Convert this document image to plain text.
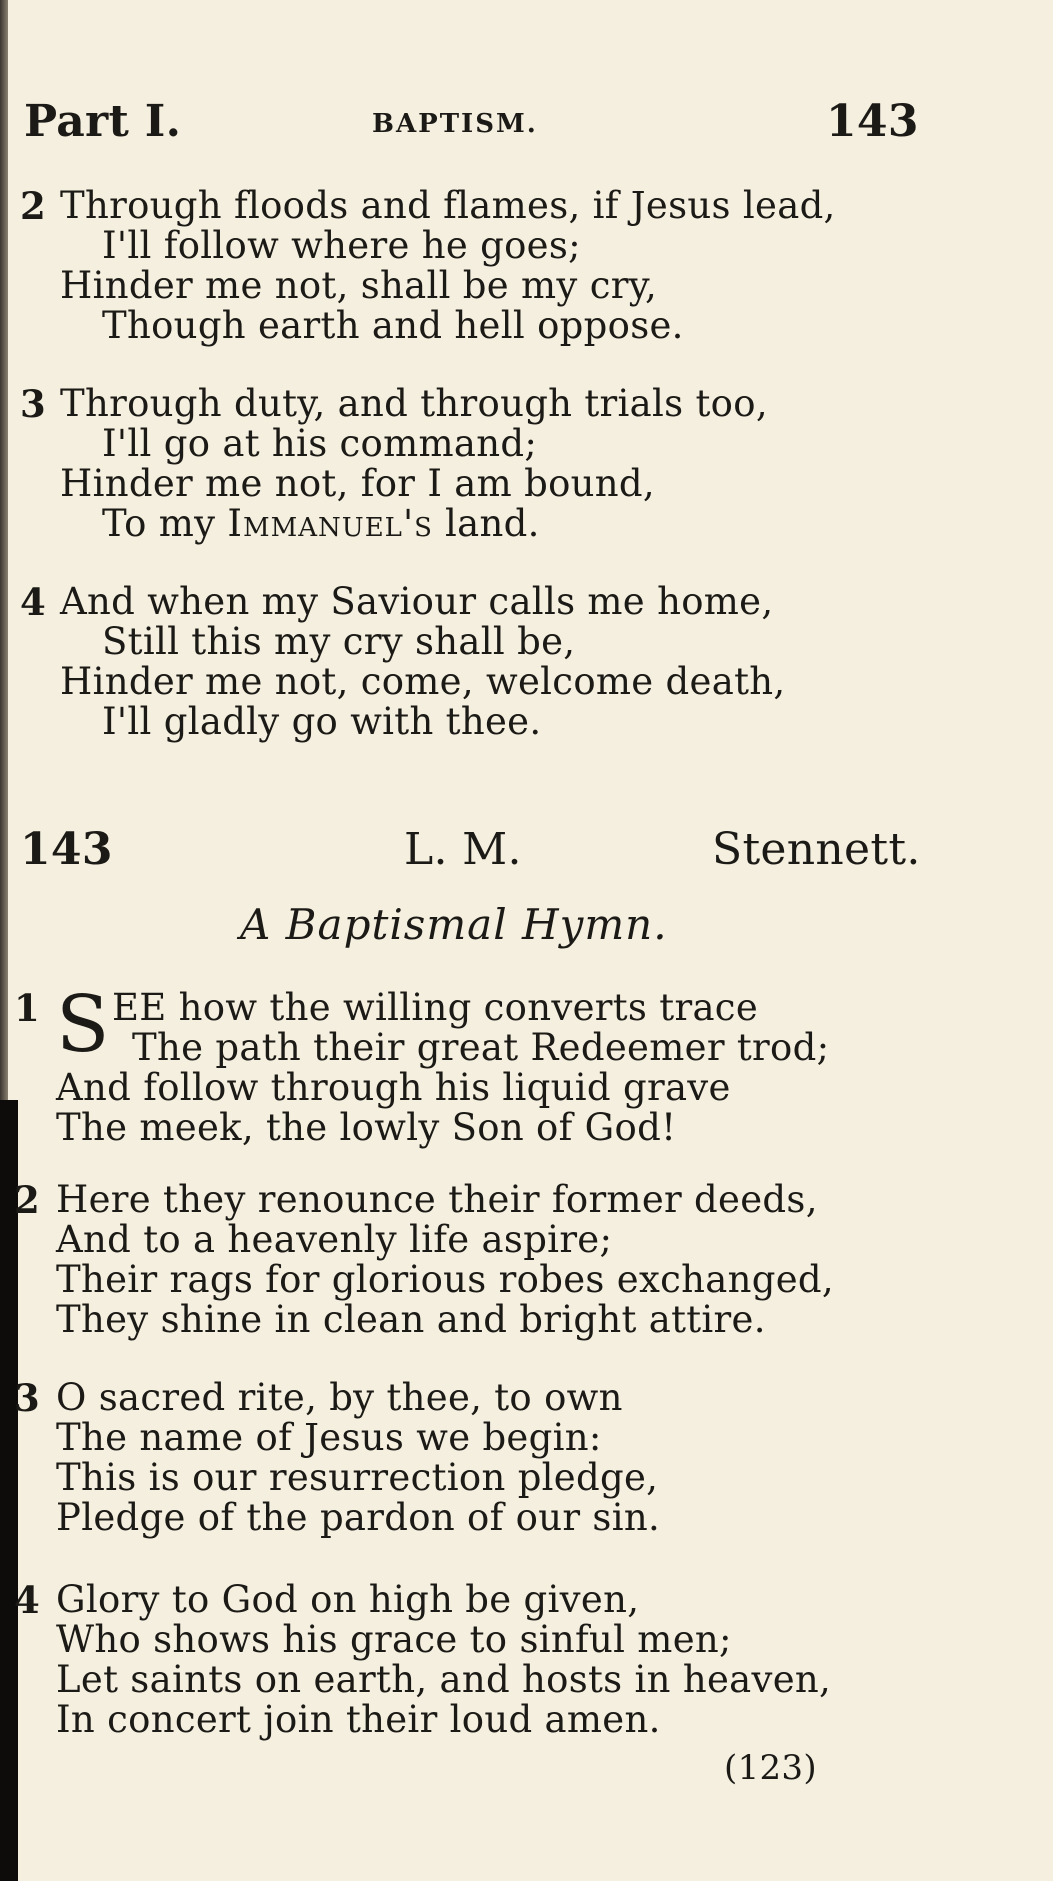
Part I.	BAPTISM.	143
2 Through floods and flames, if Jesus lead,
I'll follow where he goes;
Hinder me not, shall be my cry,
Though earth and hell oppose.
3 Through duty, and through trials too,
I'll go at his command;
Hinder me not, for I am bound,
To my Immanuel's land.
4 And when my Saviour calls me home,
Still this my cry shall be,
Hinder me not, come, welcome death,
I'll gladly go with thee.
143	L. M.	Stennett.
A Baptismal Hymn.
1 S EE how the willing converts trace
The path their great Redeemer trod;
And follow through his liquid grave
The meek, the lowly Son of God!
2 Here they renounce their former deeds,
And to a heavenly life aspire;
Their rags for glorious robes exchanged,
They shine in clean and bright attire.
3 O sacred rite, by thee, to own
The name of Jesus we begin:
This is our resurrection pledge,
Pledge of the pardon of our sin.
4 Glory to God on high be given,
Who shows his grace to sinful men;
Let saints on earth, and hosts in heaven,
In concert join their loud amen.
(123)
